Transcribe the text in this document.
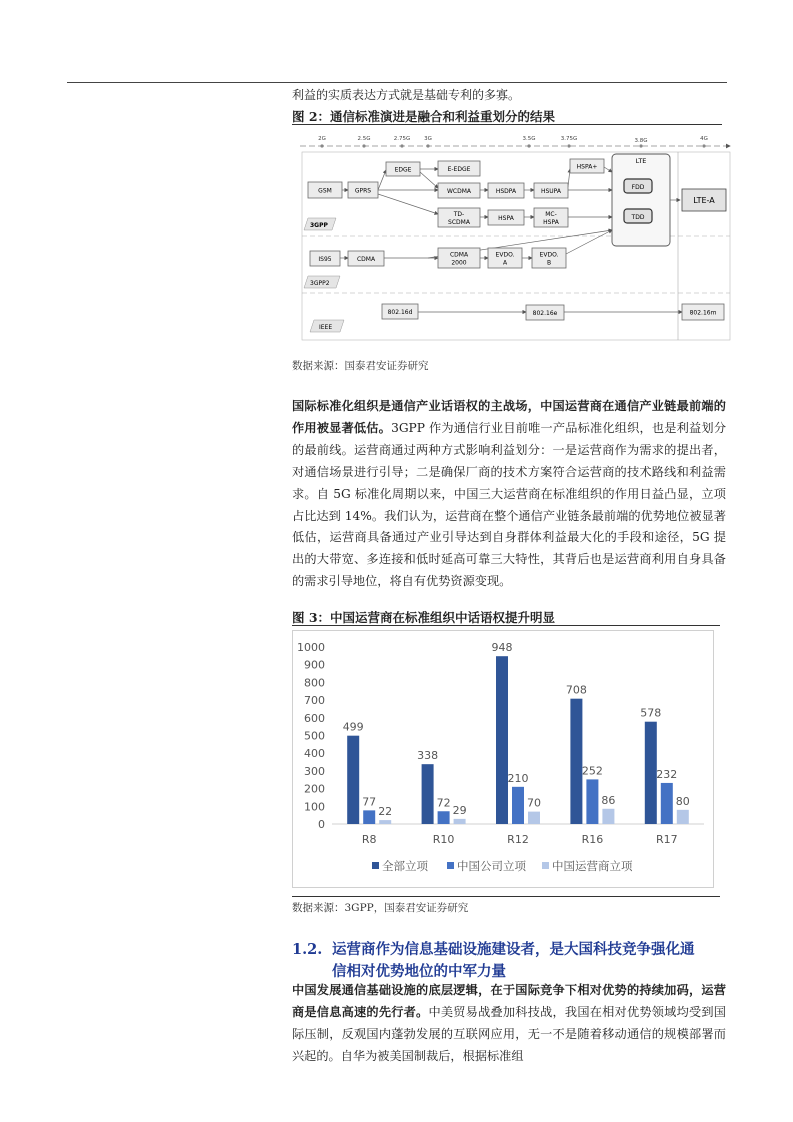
利益的实质表达方式就是基础专利的多寡。
图 2：通信标准演进是融合和利益重划分的结果
2G	2.5G	2.75G	3G	3.5G	3.75G	3.8G	4G
3GPP
3GPP2
IEEE
LTE
GSM	GPRS
EDGE	E-EDGE
WCDMA	HSDPA	HSUPA
HSPA+
TD-
SCDMA
HSPA
MC-
HSPA
FDD
TDD
LTE-A
IS95	CDMA
CDMA
2000
EVDO.
A
EVDO.
B
802.16d	802.16e	802.16m
数据来源：国泰君安证券研究
国际标准化组织是通信产业话语权的主战场，中国运营商在通信产业链最前端的作用被显著低估。3GPP 作为通信行业目前唯一产品标准化组织，也是利益划分的最前线。运营商通过两种方式影响利益划分：一是运营商作为需求的提出者，对通信场景进行引导；二是确保厂商的技术方案符合运营商的技术路线和利益需求。自 5G 标准化周期以来，中国三大运营商在标准组织的作用日益凸显，立项占比达到 14%。我们认为，运营商在整个通信产业链条最前端的优势地位被显著低估，运营商具备通过产业引导达到自身群体利益最大化的手段和途径，5G 提出的大带宽、多连接和低时延高可靠三大特性，其背后也是运营商利用自身具备的需求引导地位，将自有优势资源变现。
图 3：中国运营商在标准组织中话语权提升明显
0
100
200
300
400
500
600
700
800
900
1000
499
77
22
338
72
29
948
210
70
708
252
86
578
232
80
R8	R10	R12	R16	R17
全部立项	中国公司立项 中国运营商立项
数据来源：3GPP，国泰君安证券研究
1.2. 运营商作为信息基础设施建设者，是大国科技竞争强化通
信相对优势地位的中军力量
中国发展通信基础设施的底层逻辑，在于国际竞争下相对优势的持续加码，运营商是信息高速的先行者。中美贸易战叠加科技战，我国在相对优势领域均受到国际压制，反观国内蓬勃发展的互联网应用，无一不是随着移动通信的规模部署而兴起的。自华为被美国制裁后，根据标准组
